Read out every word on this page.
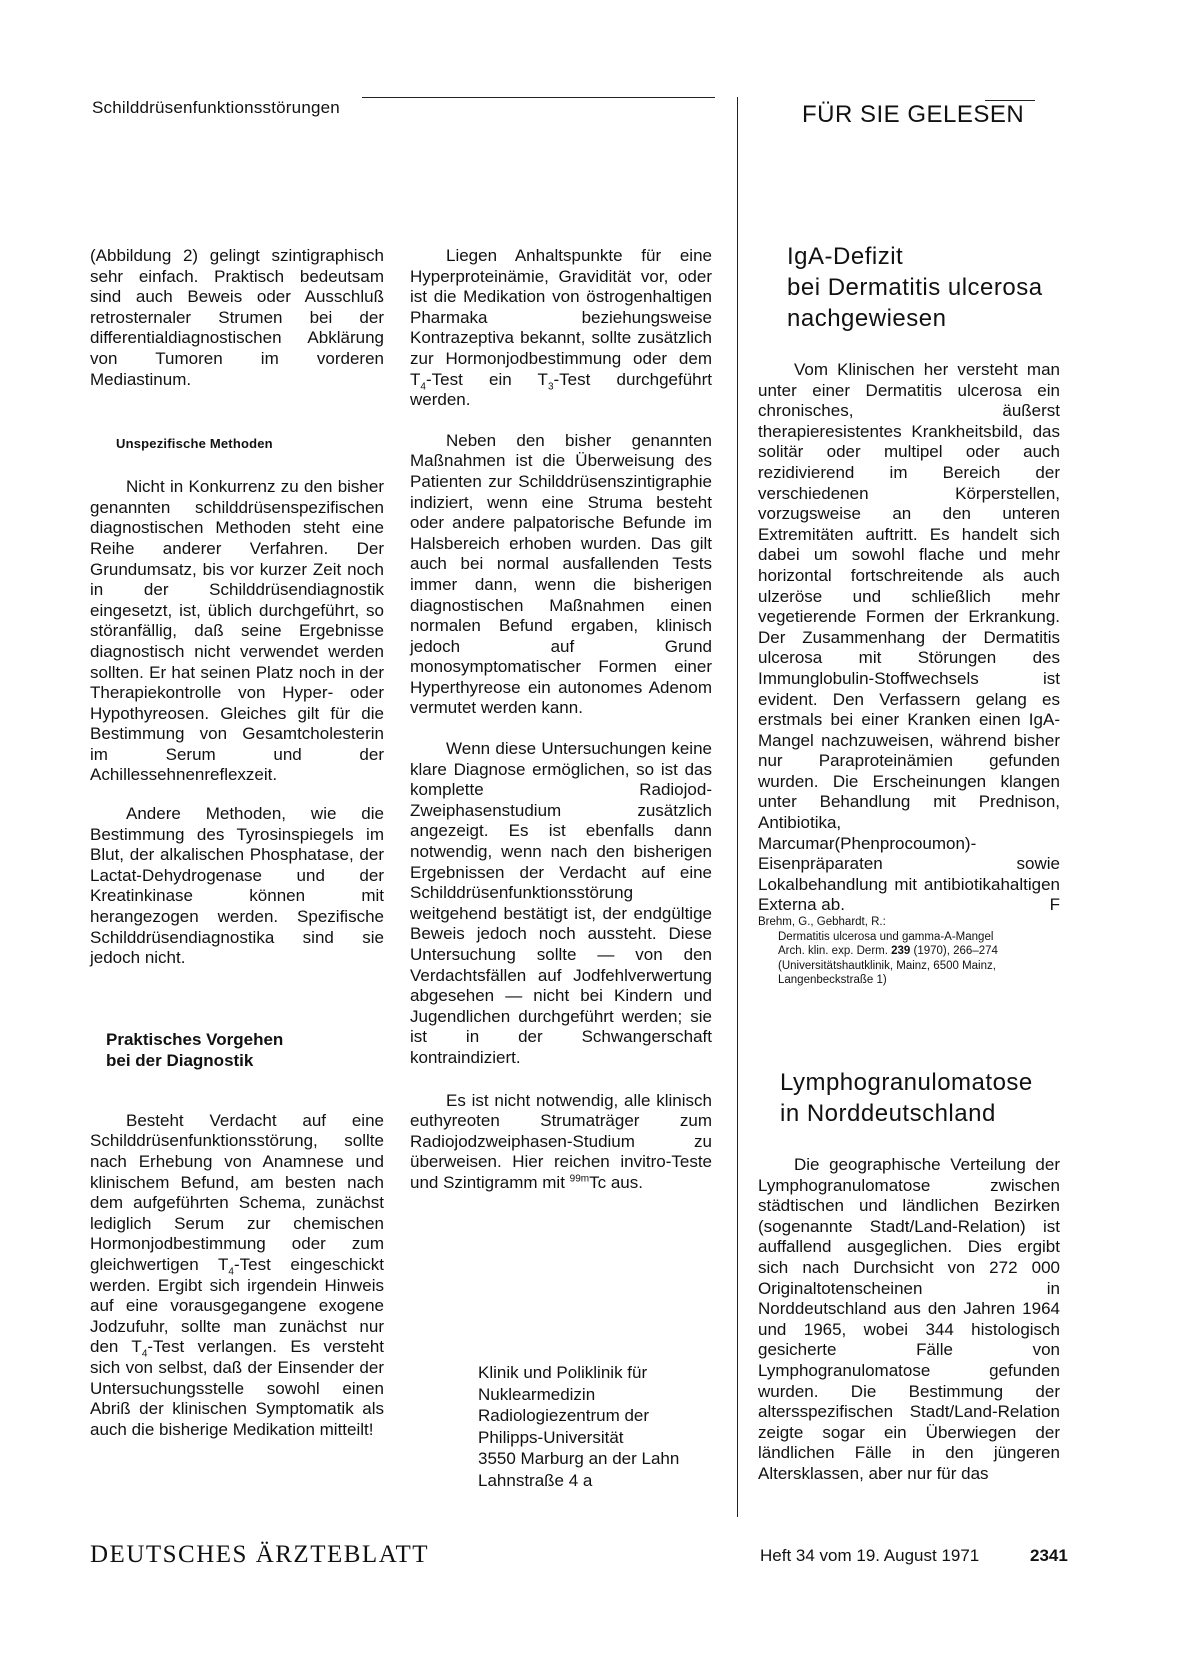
Schilddrüsenfunktionsstörungen	FÜR SIE GELESEN

(Abbildung 2) gelingt szintigraphisch sehr einfach. Praktisch bedeutsam sind auch Beweis oder Ausschluß retrosternaler Strumen bei der differentialdiagnostischen Abklärung von Tumoren im vorderen Mediastinum.

Unspezifische Methoden

Nicht in Konkurrenz zu den bisher genannten schilddrüsenspezifischen diagnostischen Methoden steht eine Reihe anderer Verfahren. Der Grundumsatz, bis vor kurzer Zeit noch in der Schilddrüsendiagnostik eingesetzt, ist, üblich durchgeführt, so störanfällig, daß seine Ergebnisse diagnostisch nicht verwendet werden sollten. Er hat seinen Platz noch in der Therapiekontrolle von Hyper- oder Hypothyreosen. Gleiches gilt für die Bestimmung von Gesamtcholesterin im Serum und der Achillessehnenreflexzeit.

Andere Methoden, wie die Bestimmung des Tyrosinspiegels im Blut, der alkalischen Phosphatase, der Lactat-Dehydrogenase und der Kreatinkinase können mit herangezogen werden. Spezifische Schilddrüsendiagnostika sind sie jedoch nicht.

Praktisches Vorgehen
bei der Diagnostik

Besteht Verdacht auf eine Schilddrüsenfunktionsstörung, sollte nach Erhebung von Anamnese und klinischem Befund, am besten nach dem aufgeführten Schema, zunächst lediglich Serum zur chemischen Hormonjodbestimmung oder zum gleichwertigen $T_4$-Test eingeschickt werden. Ergibt sich irgendein Hinweis auf eine vorausgegangene exogene Jodzufuhr, sollte man zunächst nur den $T_4$-Test verlangen. Es versteht sich von selbst, daß der Einsender der Untersuchungsstelle sowohl einen Abriß der klinischen Symptomatik als auch die bisherige Medikation mitteilt!

Liegen Anhaltspunkte für eine Hyperproteinämie, Gravidität vor, oder ist die Medikation von östrogenhaltigen Pharmaka beziehungsweise Kontrazeptiva bekannt, sollte zusätzlich zur Hormonjodbestimmung oder dem $T_4$-Test ein $T_3$-Test durchgeführt werden.

Neben den bisher genannten Maßnahmen ist die Überweisung des Patienten zur Schilddrüsenszintigraphie indiziert, wenn eine Struma besteht oder andere palpatorische Befunde im Halsbereich erhoben wurden. Das gilt auch bei normal ausfallenden Tests immer dann, wenn die bisherigen diagnostischen Maßnahmen einen normalen Befund ergaben, klinisch jedoch auf Grund monosymptomatischer Formen einer Hyperthyreose ein autonomes Adenom vermutet werden kann.

Wenn diese Untersuchungen keine klare Diagnose ermöglichen, so ist das komplette Radiojod-Zweiphasenstudium zusätzlich angezeigt. Es ist ebenfalls dann notwendig, wenn nach den bisherigen Ergebnissen der Verdacht auf eine Schilddrüsenfunktionsstörung weitgehend bestätigt ist, der endgültige Beweis jedoch noch aussteht. Diese Untersuchung sollte — von den Verdachtsfällen auf Jodfehlverwertung abgesehen — nicht bei Kindern und Jugendlichen durchgeführt werden; sie ist in der Schwangerschaft kontraindiziert.

Es ist nicht notwendig, alle klinisch euthyreoten Strumaträger zum Radiojodzweiphasen-Studium zu überweisen. Hier reichen invitro-Teste und Szintigramm mit $^{99m}$Tc aus.

Klinik und Poliklinik für
Nuklearmedizin
Radiologiezentrum der
Philipps-Universität
3550 Marburg an der Lahn
Lahnstraße 4 a
IgA-Defizit
bei Dermatitis ulcerosa
nachgewiesen

Vom Klinischen her versteht man unter einer Dermatitis ulcerosa ein chronisches, äußerst therapieresistentes Krankheitsbild, das solitär oder multipel oder auch rezidivierend im Bereich der verschiedenen Körperstellen, vorzugsweise an den unteren Extremitäten auftritt. Es handelt sich dabei um sowohl flache und mehr horizontal fortschreitende als auch ulzeröse und schließlich mehr vegetierende Formen der Erkrankung. Der Zusammenhang der Dermatitis ulcerosa mit Störungen des Immunglobulin-Stoffwechsels ist evident. Den Verfassern gelang es erstmals bei einer Kranken einen IgA-Mangel nachzuweisen, während bisher nur Paraproteinämien gefunden wurden. Die Erscheinungen klangen unter Behandlung mit Prednison, Antibiotika, Marcumar(Phenprocoumon)-Eisenpräparaten sowie Lokalbehandlung mit antibiotikahaltigen Externa ab.	F

Brehm, G., Gebhardt, R.:
Dermatitis ulcerosa und gamma-A-Mangel
Arch. klin. exp. Derm. 239 (1970), 266–274
(Universitätshautklinik, Mainz, 6500 Mainz, Langenbeckstraße 1)
Lymphogranulomatose
in Norddeutschland

Die geographische Verteilung der Lymphogranulomatose zwischen städtischen und ländlichen Bezirken (sogenannte Stadt/Land-Relation) ist auffallend ausgeglichen. Dies ergibt sich nach Durchsicht von 272 000 Originaltotenscheinen in Norddeutschland aus den Jahren 1964 und 1965, wobei 344 histologisch gesicherte Fälle von Lymphogranulomatose gefunden wurden. Die Bestimmung der altersspezifischen Stadt/Land-Relation zeigte sogar ein Überwiegen der ländlichen Fälle in den jüngeren Altersklassen, aber nur für das

DEUTSCHES ÄRZTEBLATT	Heft 34 vom 19. August 1971	2341
